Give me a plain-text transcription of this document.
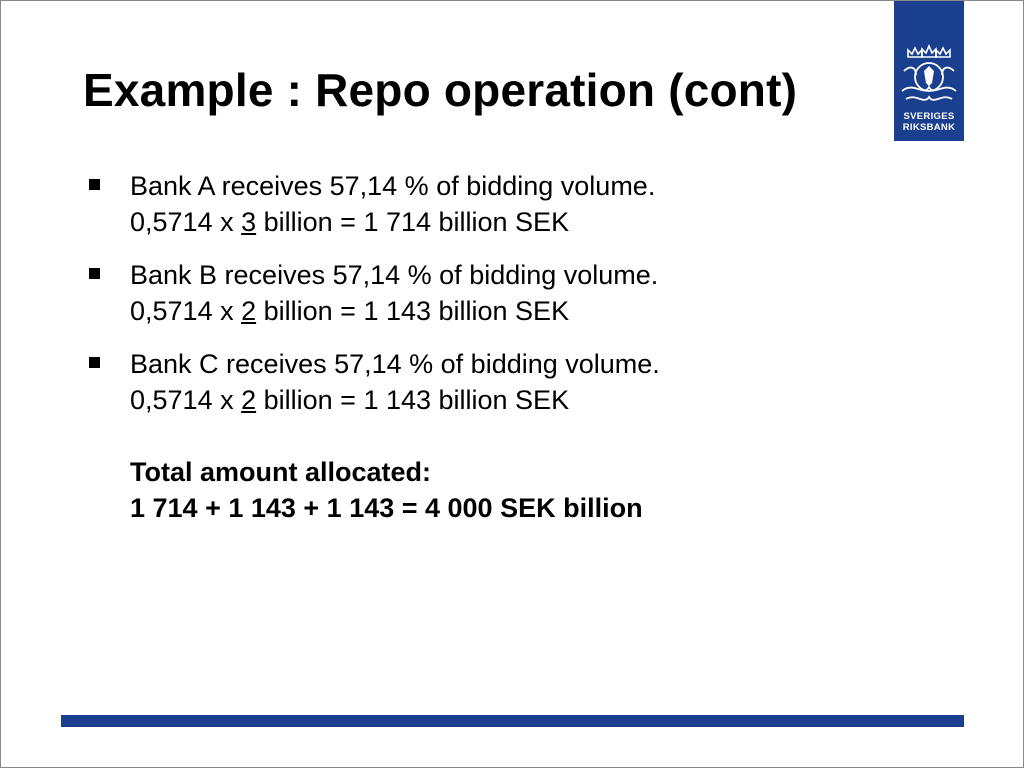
Example : Repo operation (cont)
SVERIGES
RIKSBANK
Bank A receives 57,14 % of bidding volume.
0,5714 x 3 billion = 1 714 billion SEK
Bank B receives 57,14 % of bidding volume.
0,5714 x 2 billion = 1 143 billion SEK
Bank C receives 57,14 % of bidding volume.
0,5714 x 2 billion = 1 143 billion SEK
Total amount allocated:
1 714 + 1 143 + 1 143 = 4 000 SEK billion
